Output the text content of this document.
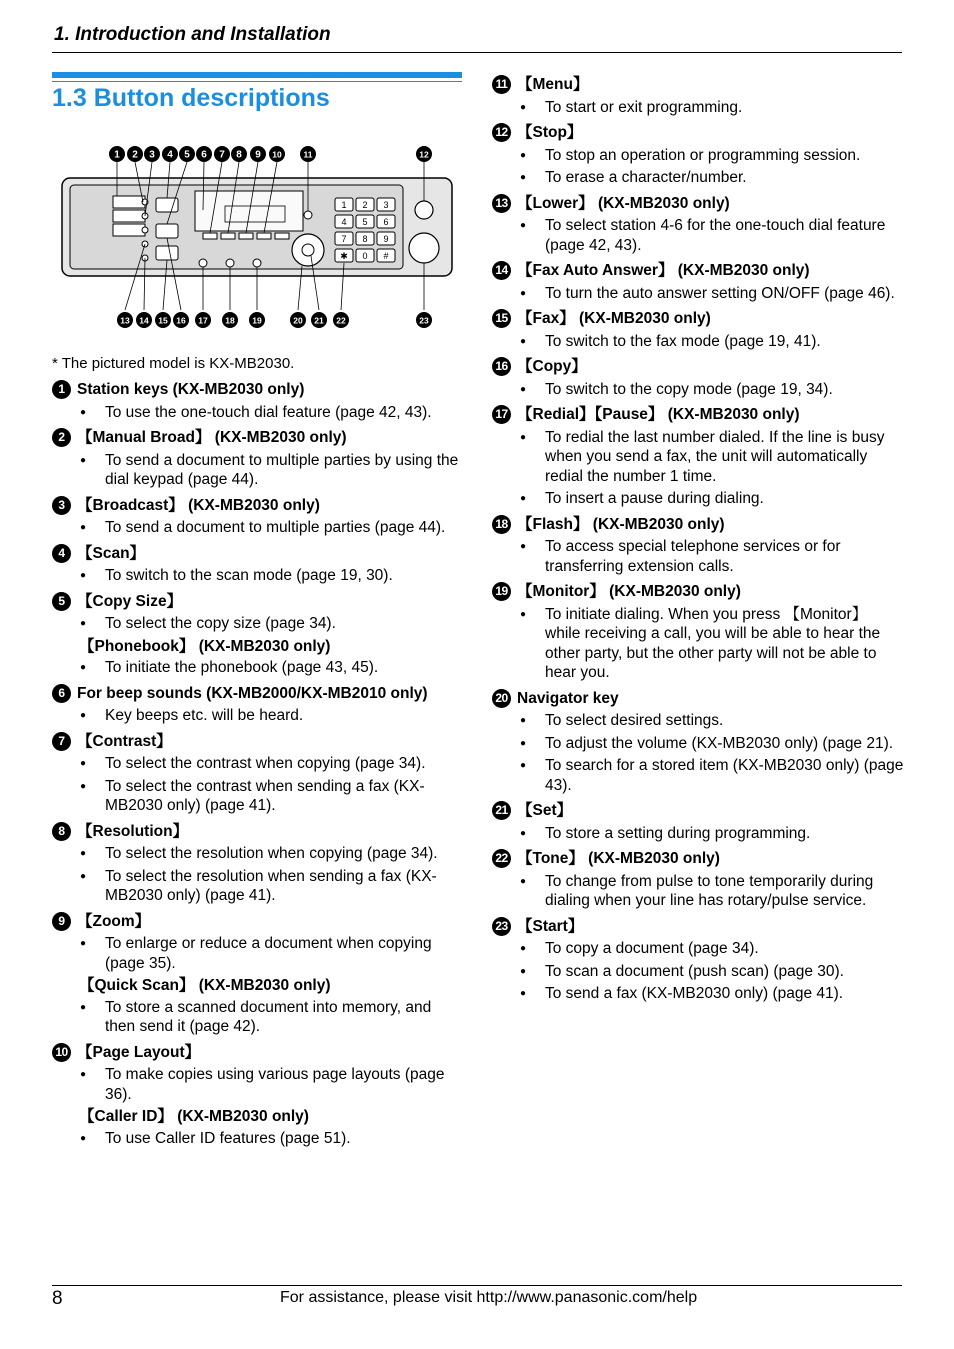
1. Introduction and Installation
1.3 Button descriptions
1 2 3 4 5 6 7 8 9 10	11	12
13 14 15 16 17 18 19	20 21 22	23
1 2 3
4 5 6
7 8 9
✱ 0 #
* The pictured model is KX-MB2030.
1 Station keys (KX-MB2030 only)
● To use the one-touch dial feature (page 42, 43).
2 【Manual Broad】 (KX-MB2030 only)
● To send a document to multiple parties by using the dial keypad (page 44).
3 【Broadcast】 (KX-MB2030 only)
● To send a document to multiple parties (page 44).
4 【Scan】
● To switch to the scan mode (page 19, 30).
5 【Copy Size】
● To select the copy size (page 34).
【Phonebook】 (KX-MB2030 only)
● To initiate the phonebook (page 43, 45).
6 For beep sounds (KX-MB2000/KX-MB2010 only)
● Key beeps etc. will be heard.
7 【Contrast】
● To select the contrast when copying (page 34).
● To select the contrast when sending a fax (KX-MB2030 only) (page 41).
8 【Resolution】
● To select the resolution when copying (page 34).
● To select the resolution when sending a fax (KX-MB2030 only) (page 41).
9 【Zoom】
● To enlarge or reduce a document when copying (page 35).
【Quick Scan】 (KX-MB2030 only)
● To store a scanned document into memory, and then send it (page 42).
10 【Page Layout】
● To make copies using various page layouts (page 36).
【Caller ID】 (KX-MB2030 only)
● To use Caller ID features (page 51).
11 【Menu】
● To start or exit programming.
12 【Stop】
● To stop an operation or programming session.
● To erase a character/number.
13 【Lower】 (KX-MB2030 only)
● To select station 4-6 for the one-touch dial feature (page 42, 43).
14 【Fax Auto Answer】 (KX-MB2030 only)
● To turn the auto answer setting ON/OFF (page 46).
15 【Fax】 (KX-MB2030 only)
● To switch to the fax mode (page 19, 41).
16 【Copy】
● To switch to the copy mode (page 19, 34).
17 【Redial】【Pause】 (KX-MB2030 only)
● To redial the last number dialed. If the line is busy when you send a fax, the unit will automatically redial the number 1 time.
● To insert a pause during dialing.
18 【Flash】 (KX-MB2030 only)
● To access special telephone services or for transferring extension calls.
19 【Monitor】 (KX-MB2030 only)
● To initiate dialing. When you press 【Monitor】 while receiving a call, you will be able to hear the other party, but the other party will not be able to hear you.
20 Navigator key
● To select desired settings.
● To adjust the volume (KX-MB2030 only) (page 21).
● To search for a stored item (KX-MB2030 only) (page 43).
21 【Set】
● To store a setting during programming.
22 【Tone】 (KX-MB2030 only)
● To change from pulse to tone temporarily during dialing when your line has rotary/pulse service.
23 【Start】
● To copy a document (page 34).
● To scan a document (push scan) (page 30).
● To send a fax (KX-MB2030 only) (page 41).
8	For assistance, please visit http://www.panasonic.com/help
